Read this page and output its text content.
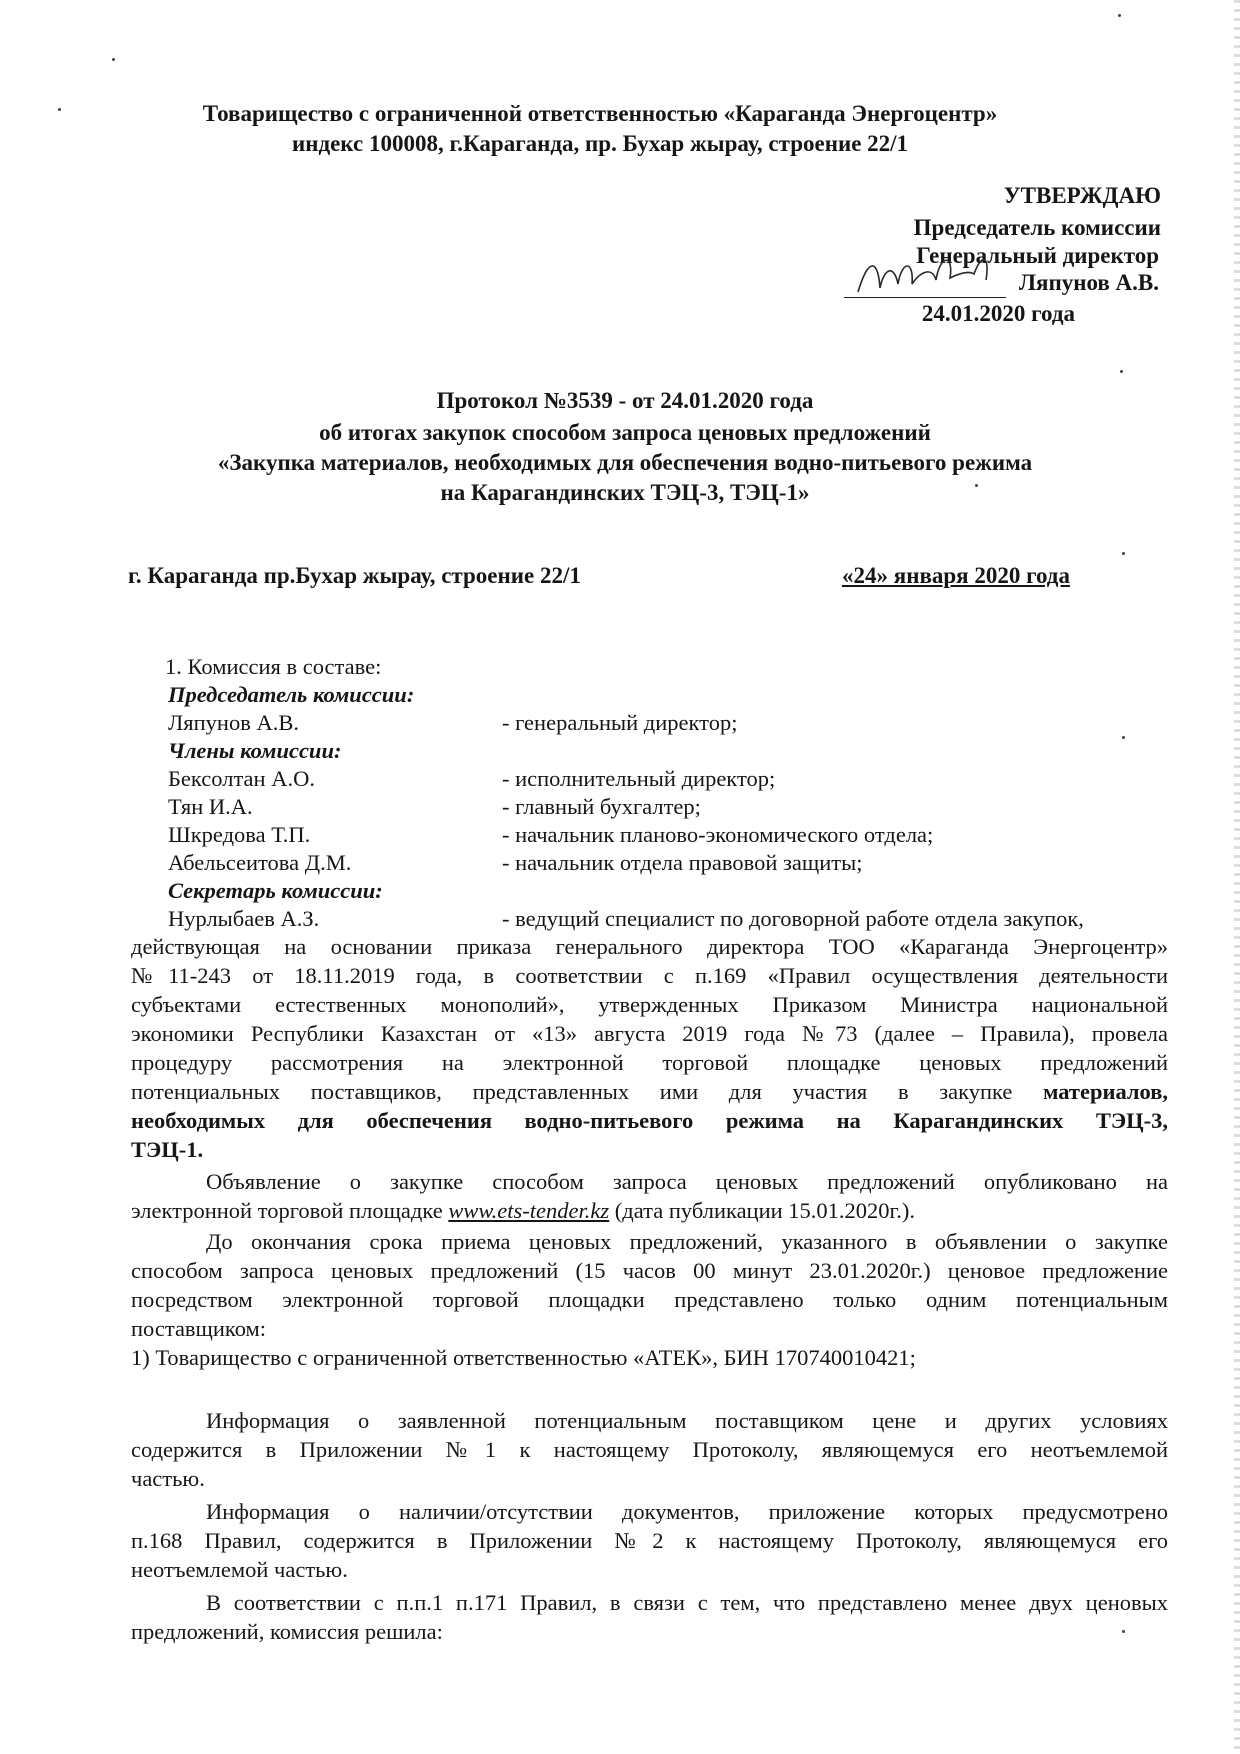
Товарищество с ограниченной ответственностью «Караганда Энергоцентр»
индекс 100008, г.Караганда, пр. Бухар жырау, строение 22/1
УТВЕРЖДАЮ
Председатель комиссии
Генеральный директор
Ляпунов А.В.
24.01.2020 года
Протокол №3539 - от 24.01.2020 года
об итогах закупок способом запроса ценовых предложений
«Закупка материалов, необходимых для обеспечения водно-питьевого режима
на Карагандинских ТЭЦ-3, ТЭЦ-1»
г. Караганда пр.Бухар жырау, строение 22/1	«24» января 2020 года
1. Комиссия в составе:
Председатель комиссии:
Ляпунов А.В.	- генеральный директор;
Члены комиссии:
Бексолтан А.О.	- исполнительный директор;
Тян И.А.	- главный бухгалтер;
Шкредова Т.П.	- начальник планово-экономического отдела;
Абельсеитова Д.М.	- начальник отдела правовой защиты;
Секретарь комиссии:
Нурлыбаев А.З.	- ведущий специалист по договорной работе отдела закупок,
действующая на основании приказа генерального директора ТОО «Караганда Энергоцентр»
№11-243 от 18.11.2019 года, в соответствии с п.169 «Правил осуществления деятельности
субъектами естественных монополий», утвержденных Приказом Министра национальной
экономики Республики Казахстан от «13» августа 2019 года №73 (далее – Правила), провела
процедуру рассмотрения на электронной торговой площадке ценовых предложений
потенциальных поставщиков, представленных ими для участия в закупке материалов,
необходимых для обеспечения водно-питьевого режима на Карагандинских ТЭЦ-3,
ТЭЦ-1.
Объявление о закупке способом запроса ценовых предложений опубликовано на
электронной торговой площадке www.ets-tender.kz (дата публикации 15.01.2020г.).
До окончания срока приема ценовых предложений, указанного в объявлении о закупке
способом запроса ценовых предложений (15 часов 00 минут 23.01.2020г.) ценовое предложение
посредством электронной торговой площадки представлено только одним потенциальным
поставщиком:
1) Товарищество с ограниченной ответственностью «АТЕК», БИН 170740010421;
Информация о заявленной потенциальным поставщиком цене и других условиях
содержится в Приложении №1 к настоящему Протоколу, являющемуся его неотъемлемой
частью.
Информация о наличии/отсутствии документов, приложение которых предусмотрено
п.168 Правил, содержится в Приложении №2 к настоящему Протоколу, являющемуся его
неотъемлемой частью.
В соответствии с п.п.1 п.171 Правил, в связи с тем, что представлено менее двух ценовых
предложений, комиссия решила:
